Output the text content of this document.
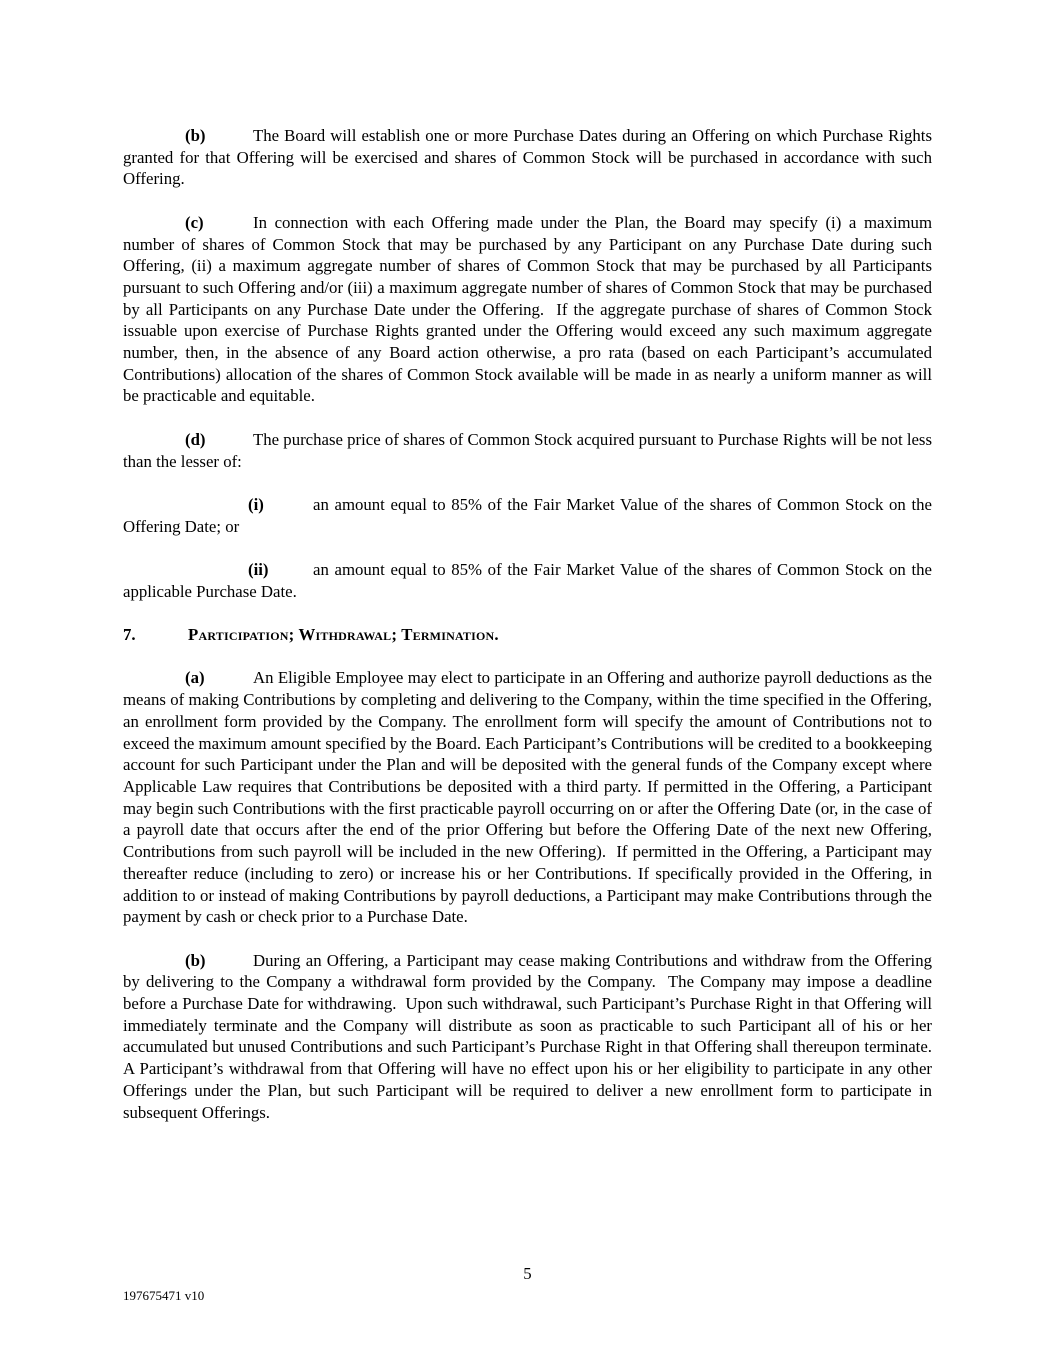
(b)	The Board will establish one or more Purchase Dates during an Offering on which Purchase Rights granted for that Offering will be exercised and shares of Common Stock will be purchased in accordance with such Offering.

(c)	In connection with each Offering made under the Plan, the Board may specify (i) a maximum number of shares of Common Stock that may be purchased by any Participant on any Purchase Date during such Offering, (ii) a maximum aggregate number of shares of Common Stock that may be purchased by all Participants pursuant to such Offering and/or (iii) a maximum aggregate number of shares of Common Stock that may be purchased by all Participants on any Purchase Date under the Offering.  If the aggregate purchase of shares of Common Stock issuable upon exercise of Purchase Rights granted under the Offering would exceed any such maximum aggregate number, then, in the absence of any Board action otherwise, a pro rata (based on each Participant’s accumulated Contributions) allocation of the shares of Common Stock available will be made in as nearly a uniform manner as will be practicable and equitable.

(d)	The purchase price of shares of Common Stock acquired pursuant to Purchase Rights will be not less than the lesser of:

(i)	an amount equal to 85% of the Fair Market Value of the shares of Common Stock on the Offering Date; or

(ii)	an amount equal to 85% of the Fair Market Value of the shares of Common Stock on the applicable Purchase Date.

7.	Participation; Withdrawal; Termination.

(a)	An Eligible Employee may elect to participate in an Offering and authorize payroll deductions as the means of making Contributions by completing and delivering to the Company, within the time specified in the Offering, an enrollment form provided by the Company. The enrollment form will specify the amount of Contributions not to exceed the maximum amount specified by the Board. Each Participant’s Contributions will be credited to a bookkeeping account for such Participant under the Plan and will be deposited with the general funds of the Company except where Applicable Law requires that Contributions be deposited with a third party. If permitted in the Offering, a Participant may begin such Contributions with the first practicable payroll occurring on or after the Offering Date (or, in the case of a payroll date that occurs after the end of the prior Offering but before the Offering Date of the next new Offering, Contributions from such payroll will be included in the new Offering).  If permitted in the Offering, a Participant may thereafter reduce (including to zero) or increase his or her Contributions. If specifically provided in the Offering, in addition to or instead of making Contributions by payroll deductions, a Participant may make Contributions through the payment by cash or check prior to a Purchase Date.

(b)	During an Offering, a Participant may cease making Contributions and withdraw from the Offering by delivering to the Company a withdrawal form provided by the Company.  The Company may impose a deadline before a Purchase Date for withdrawing.  Upon such withdrawal, such Participant’s Purchase Right in that Offering will immediately terminate and the Company will distribute as soon as practicable to such Participant all of his or her accumulated but unused Contributions and such Participant’s Purchase Right in that Offering shall thereupon terminate.  A Participant’s withdrawal from that Offering will have no effect upon his or her eligibility to participate in any other Offerings under the Plan, but such Participant will be required to deliver a new enrollment form to participate in subsequent Offerings.

5
197675471 v10
